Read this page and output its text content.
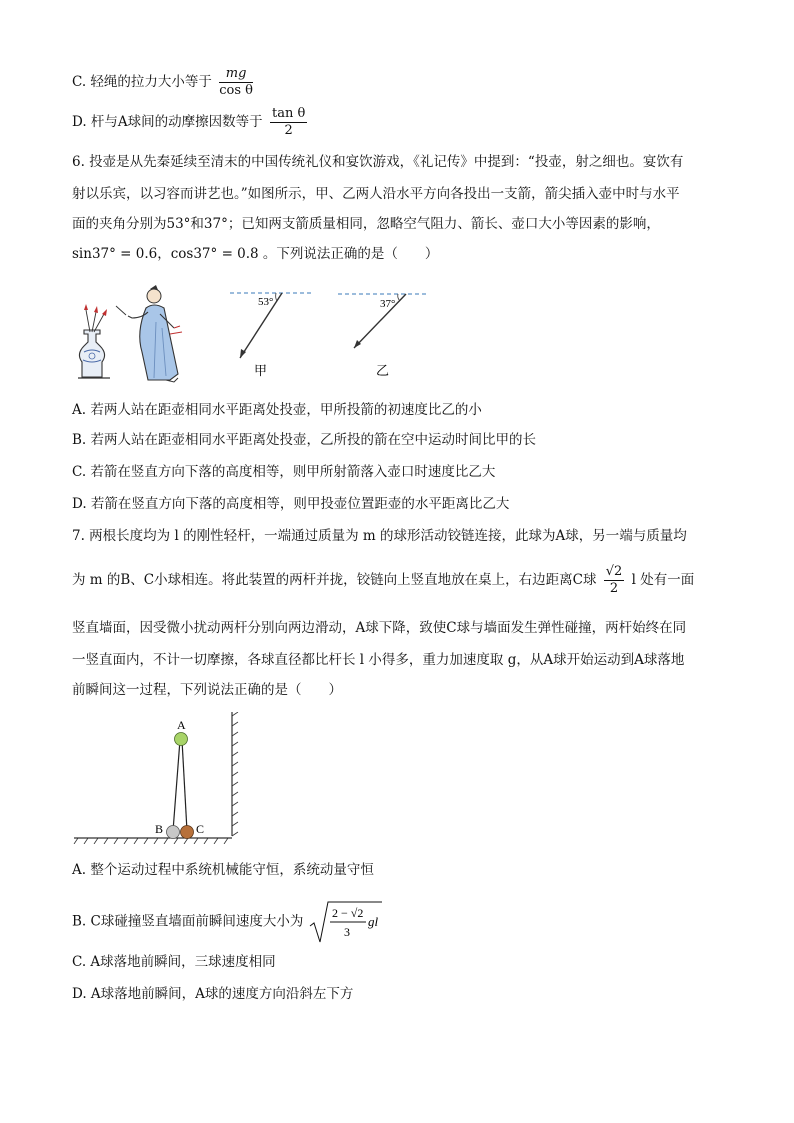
C. 轻绳的拉力大小等于 $\frac{mg}{\text{cos θ}}$
D. 杆与A球间的动摩擦因数等于 $\frac{\text{tan θ}}{2}$
6. 投壶是从先秦延续至清末的中国传统礼仪和宴饮游戏，《礼记传》中提到：“投壶，射之细也。宴饮有
射以乐宾，以习容而讲艺也。”如图所示，甲、乙两人沿水平方向各投出一支箭，箭尖插入壶中时与水平
面的夹角分别为53°和37°；已知两支箭质量相同，忽略空气阻力、箭长、壶口大小等因素的影响，
sin37° = 0.6，cos37° = 0.8 。下列说法正确的是（　　）
53°
甲
37°
乙
A. 若两人站在距壶相同水平距离处投壶，甲所投箭的初速度比乙的小
B. 若两人站在距壶相同水平距离处投壶，乙所投的箭在空中运动时间比甲的长
C. 若箭在竖直方向下落的高度相等，则甲所射箭落入壶口时速度比乙大
D. 若箭在竖直方向下落的高度相等，则甲投壶位置距壶的水平距离比乙大
7. 两根长度均为 l 的刚性轻杆，一端通过质量为 m 的球形活动铰链连接，此球为A球，另一端与质量均
为 m 的B、C小球相连。将此装置的两杆并拢，铰链向上竖直地放在桌上，右边距离C球 $\frac{√2}{2}$ l 处有一面
竖直墙面，因受微小扰动两杆分别向两边滑动，A球下降，致使C球与墙面发生弹性碰撞，两杆始终在同
一竖直面内，不计一切摩擦，各球直径都比杆长 l 小得多，重力加速度取 g，从A球开始运动到A球落地
前瞬间这一过程，下列说法正确的是（　　）
A
B	C
A. 整个运动过程中系统机械能守恒，系统动量守恒
B. C球碰撞竖直墙面前瞬间速度大小为
2 − √2
3
gl
C. A球落地前瞬间，三球速度相同
D. A球落地前瞬间，A球的速度方向沿斜左下方
